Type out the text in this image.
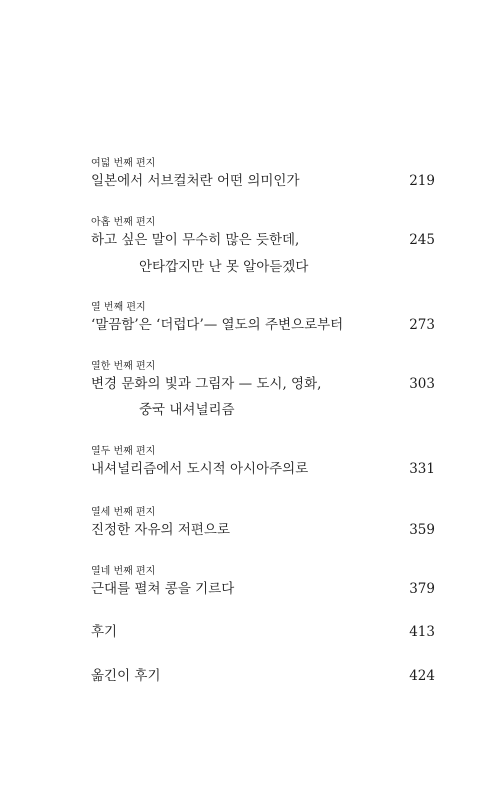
여덟 번째 편지
일본에서 서브컬처란 어떤 의미인가	219
아홉 번째 편지
하고 싶은 말이 무수히 많은 듯한데,	245
안타깝지만 난 못 알아듣겠다
열 번째 편지
‘말끔함’은 ‘더럽다’— 열도의 주변으로부터	273
열한 번째 편지
변경 문화의 빛과 그림자 — 도시, 영화,	303
중국 내셔널리즘
열두 번째 편지
내셔널리즘에서 도시적 아시아주의로	331
열세 번째 편지
진정한 자유의 저편으로	359
열네 번째 편지
근대를 펼쳐 콩을 기르다	379
후기	413
옮긴이 후기	424
